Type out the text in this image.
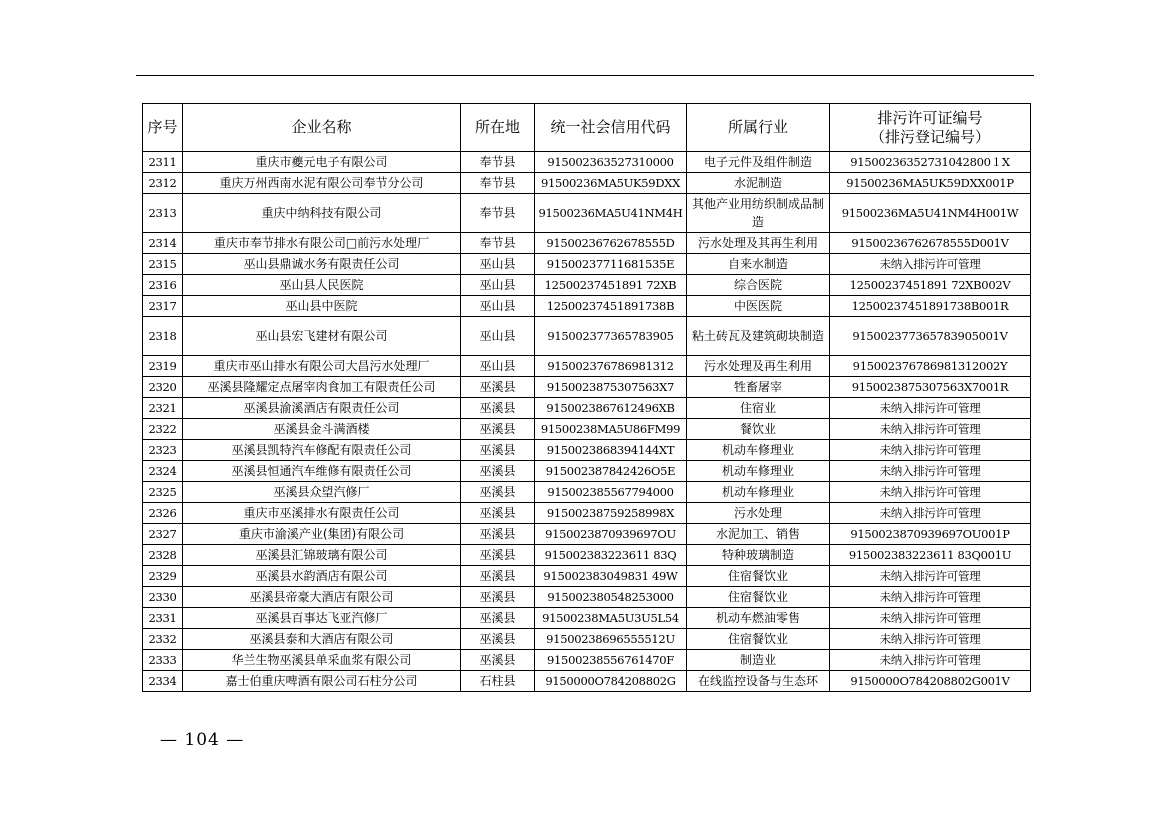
序号	企业名称	所在地	统一社会信用代码	所属行业	排污许可证编号
（排污登记编号）
2311	重庆市夔元电子有限公司	奉节县	915002363527310000	电子元件及组件制造	91500236352731042800１X
2312	重庆万州西南水泥有限公司奉节分公司	奉节县	91500236MA5UK59DXX	水泥制造	91500236MA5UK59DXX001P
2313	重庆中纳科技有限公司	奉节县	91500236MA5U41NM4H	其他产业用纺织制成品制造	91500236MA5U41NM4H001W
2314	重庆市奉节排水有限公司□前污水处理厂	奉节县	91500236762678555D	污水处理及其再生利用	91500236762678555D001V
2315	巫山县鼎诚水务有限责任公司	巫山县	91500237711681535E	自来水制造	未纳入排污许可管理
2316	巫山县人民医院	巫山县	12500237451891 72XB	综合医院	12500237451891 72XB002V
2317	巫山县中医院	巫山县	12500237451891738B	中医医院	12500237451891738B001R
2318	巫山县宏飞建材有限公司	巫山县	915002377365783905	粘土砖瓦及建筑砌块制造	915002377365783905001V
2319	重庆市巫山排水有限公司大昌污水处理厂	巫山县	915002376786981312	污水处理及再生利用	915002376786981312002Y
2320	巫溪县隆耀定点屠宰肉食加工有限责任公司	巫溪县	9150023875307563X7	牲畜屠宰	9150023875307563X7001R
2321	巫溪县渝溪酒店有限责任公司	巫溪县	9150023867612496XB	住宿业	未纳入排污许可管理
2322	巫溪县金斗满酒楼	巫溪县	91500238MA5U86FM99	餐饮业	未纳入排污许可管理
2323	巫溪县凯特汽车修配有限责任公司	巫溪县	9150023868394144XT	机动车修理业	未纳入排污许可管理
2324	巫溪县恒通汽车维修有限责任公司	巫溪县	915002387842426O5E	机动车修理业	未纳入排污许可管理
2325	巫溪县众望汽修厂	巫溪县	915002385567794000	机动车修理业	未纳入排污许可管理
2326	重庆市巫溪排水有限责任公司	巫溪县	91500238759258998X	污水处理	未纳入排污许可管理
2327	重庆市渝溪产业(集团)有限公司	巫溪县	9150023870939697OU	水泥加工、销售	9150023870939697OU001P
2328	巫溪县汇锦玻璃有限公司	巫溪县	915002383223611 83Q	特种玻璃制造	915002383223611 83Q001U
2329	巫溪县水韵酒店有限公司	巫溪县	915002383049831 49W	住宿餐饮业	未纳入排污许可管理
2330	巫溪县帝豪大酒店有限公司	巫溪县	915002380548253000	住宿餐饮业	未纳入排污许可管理
2331	巫溪县百事达飞亚汽修厂	巫溪县	91500238MA5U3U5L54	机动车燃油零售	未纳入排污许可管理
2332	巫溪县泰和大酒店有限公司	巫溪县	91500238696555512U	住宿餐饮业	未纳入排污许可管理
2333	华兰生物巫溪县单采血浆有限公司	巫溪县	91500238556761470F	制造业	未纳入排污许可管理
2334	嘉士伯重庆啤酒有限公司石柱分公司	石柱县	9150000O784208802G	在线监控设备与生态环	9150000O784208802G001V
— 104 —
